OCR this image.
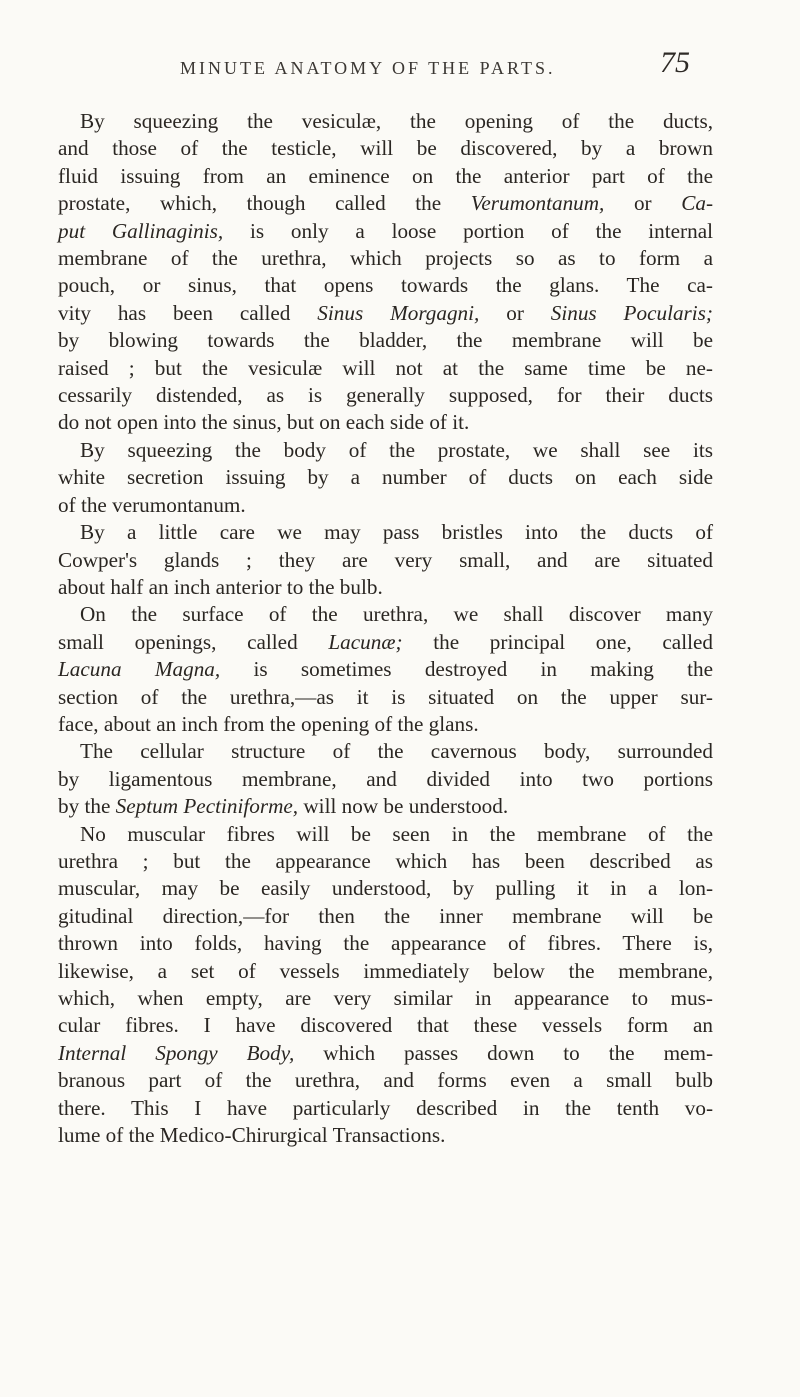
MINUTE ANATOMY OF THE PARTS.	75
By squeezing the vesiculæ, the opening of the ducts,
and those of the testicle, will be discovered, by a brown
fluid issuing from an eminence on the anterior part of the
prostate, which, though called the Verumontanum, or Ca-
put Gallinaginis, is only a loose portion of the internal
membrane of the urethra, which projects so as to form a
pouch, or sinus, that opens towards the glans. The ca-
vity has been called Sinus Morgagni, or Sinus Pocularis;
by blowing towards the bladder, the membrane will be
raised ; but the vesiculæ will not at the same time be ne-
cessarily distended, as is generally supposed, for their ducts
do not open into the sinus, but on each side of it.
By squeezing the body of the prostate, we shall see its
white secretion issuing by a number of ducts on each side
of the verumontanum.
By a little care we may pass bristles into the ducts of
Cowper's glands ; they are very small, and are situated
about half an inch anterior to the bulb.
On the surface of the urethra, we shall discover many
small openings, called Lacunæ; the principal one, called
Lacuna Magna, is sometimes destroyed in making the
section of the urethra,—as it is situated on the upper sur-
face, about an inch from the opening of the glans.
The cellular structure of the cavernous body, surrounded
by ligamentous membrane, and divided into two portions
by the Septum Pectiniforme, will now be understood.
No muscular fibres will be seen in the membrane of the
urethra ; but the appearance which has been described as
muscular, may be easily understood, by pulling it in a lon-
gitudinal direction,—for then the inner membrane will be
thrown into folds, having the appearance of fibres. There is,
likewise, a set of vessels immediately below the membrane,
which, when empty, are very similar in appearance to mus-
cular fibres. I have discovered that these vessels form an
Internal Spongy Body, which passes down to the mem-
branous part of the urethra, and forms even a small bulb
there. This I have particularly described in the tenth vo-
lume of the Medico-Chirurgical Transactions.
